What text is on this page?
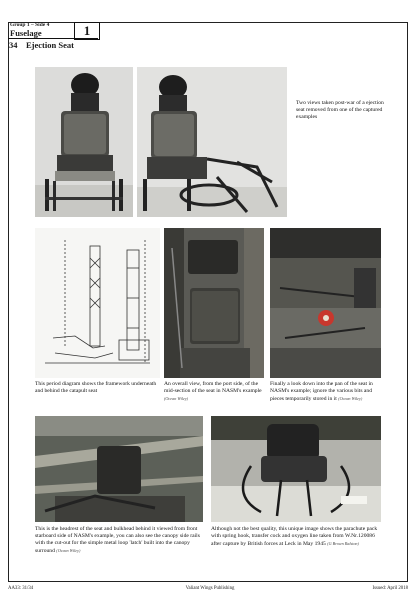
Group 1 – Side 4
Fuselage	1
34 Ejection Seat
Two views taken post-war of a ejection seat removed from one of the captured examples
This period diagram shows the framework underneath and behind the catapult seat
An overall view, from the port side, of the mid-section of the seat in NASM's example (Ocean Wiley)
Finally a look down into the pan of the seat in NASM's example; ignore the various bits and pieces temporarily stored in it (Ocean Wiley)
This is the headrest of the seat and bulkhead behind it viewed from front starboard side of NASM's example, you can also see the canopy side rails with the cut-out for the simple metal loop 'latch' built into the canopy surround (Ocean Wiley)
Although not the best quality, this unique image shows the parachute pack with spring hook, transfer cock and oxygen line taken from W.Nr.120086 after capture by British forces at Leck in May 1945 (G Brown Ralston)
AA33: 31/34	Valiant Wings Publishing	Issued: April 2018
